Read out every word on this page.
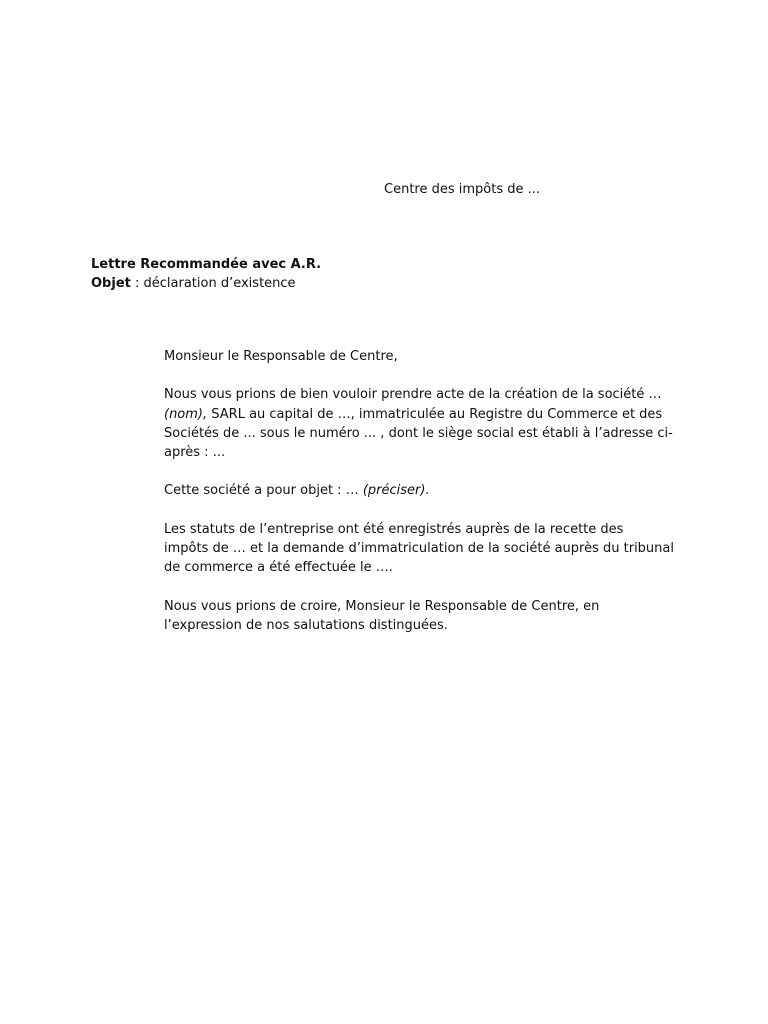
Centre des impôts de ...
Lettre Recommandée avec A.R.
Objet : déclaration d’existence

Monsieur le Responsable de Centre,

Nous vous prions de bien vouloir prendre acte de la création de la société …
(nom), SARL au capital de …, immatriculée au Registre du Commerce et des
Sociétés de ... sous le numéro ... , dont le siège social est établi à l’adresse ci-
après : ...

Cette société a pour objet : … (préciser).

Les statuts de l’entreprise ont été enregistrés auprès de la recette des
impôts de … et la demande d’immatriculation de la société auprès du tribunal
de commerce a été effectuée le ….

Nous vous prions de croire, Monsieur le Responsable de Centre, en
l’expression de nos salutations distinguées.
